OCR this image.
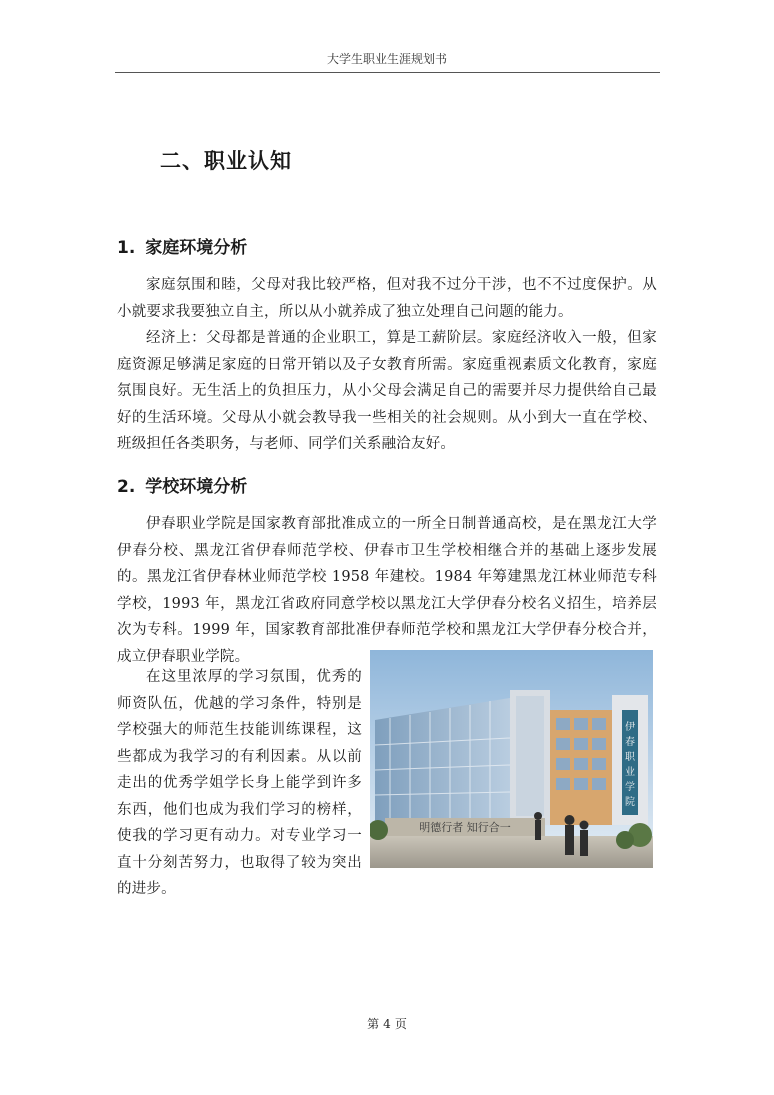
大学生职业生涯规划书
二、职业认知
1. 家庭环境分析

家庭氛围和睦，父母对我比较严格，但对我不过分干涉，也不不过度保护。从小就要求我要独立自主，所以从小就养成了独立处理自己问题的能力。

经济上：父母都是普通的企业职工，算是工薪阶层。家庭经济收入一般，但家庭资源足够满足家庭的日常开销以及子女教育所需。家庭重视素质文化教育，家庭氛围良好。无生活上的负担压力，从小父母会满足自己的需要并尽力提供给自己最好的生活环境。父母从小就会教导我一些相关的社会规则。从小到大一直在学校、班级担任各类职务，与老师、同学们关系融洽友好。

2. 学校环境分析

伊春职业学院是国家教育部批准成立的一所全日制普通高校，是在黑龙江大学伊春分校、黑龙江省伊春师范学校、伊春市卫生学校相继合并的基础上逐步发展的。黑龙江省伊春林业师范学校 1958 年建校。1984 年筹建黑龙江林业师范专科学校，1993 年，黑龙江省政府同意学校以黑龙江大学伊春分校名义招生，培养层次为专科。1999 年，国家教育部批准伊春师范学校和黑龙江大学伊春分校合并，成立伊春职业学院。

在这里浓厚的学习氛围，优秀的师资队伍，优越的学习条件，特别是学校强大的师范生技能训练课程，这些都成为我学习的有利因素。从以前走出的优秀学姐学长身上能学到许多东西，他们也成为我们学习的榜样，使我的学习更有动力。对专业学习一直十分刻苦努力，也取得了较为突出的进步。

伊
春
职
业
学
院
明德行者 知行合一
第 4 页
